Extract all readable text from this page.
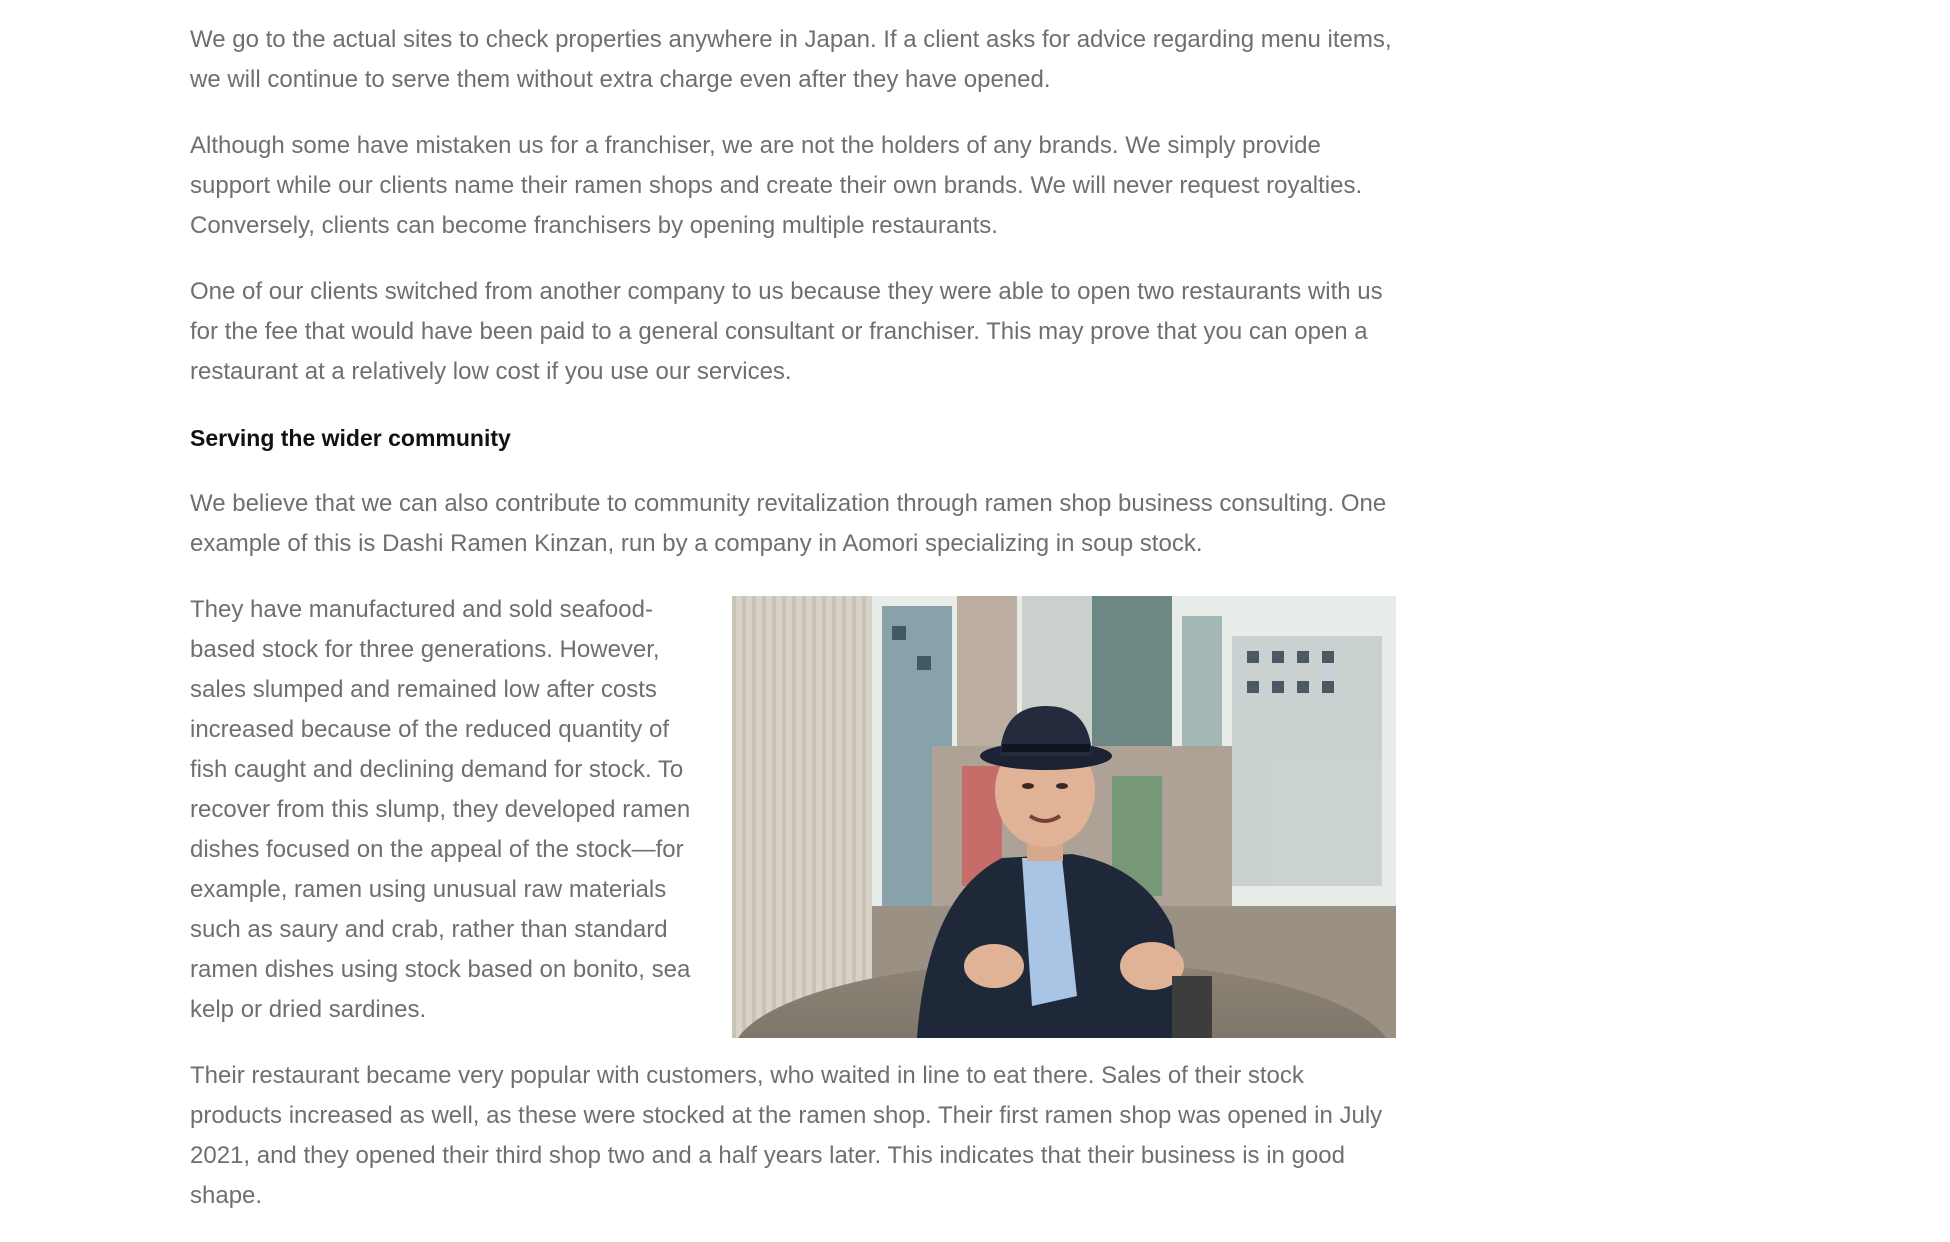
We go to the actual sites to check properties anywhere in Japan. If a client asks for advice regarding menu items, we will continue to serve them without extra charge even after they have opened.

Although some have mistaken us for a franchiser, we are not the holders of any brands. We simply provide support while our clients name their ramen shops and create their own brands. We will never request royalties. Conversely, clients can become franchisers by opening multiple restaurants.

One of our clients switched from another company to us because they were able to open two restaurants with us for the fee that would have been paid to a general consultant or franchiser. This may prove that you can open a restaurant at a relatively low cost if you use our services.

Serving the wider community

We believe that we can also contribute to community revitalization through ramen shop business consulting. One example of this is Dashi Ramen Kinzan, run by a company in Aomori specializing in soup stock.

They have manufactured and sold seafood-based stock for three generations. However, sales slumped and remained low after costs increased because of the reduced quantity of fish caught and declining demand for stock. To recover from this slump, they developed ramen dishes focused on the appeal of the stock—for example, ramen using unusual raw materials such as saury and crab, rather than standard ramen dishes using stock based on bonito, sea kelp or dried sardines.

Their restaurant became very popular with customers, who waited in line to eat there. Sales of their stock products increased as well, as these were stocked at the ramen shop. Their first ramen shop was opened in July 2021, and they opened their third shop two and a half years later. This indicates that their business is in good shape.
